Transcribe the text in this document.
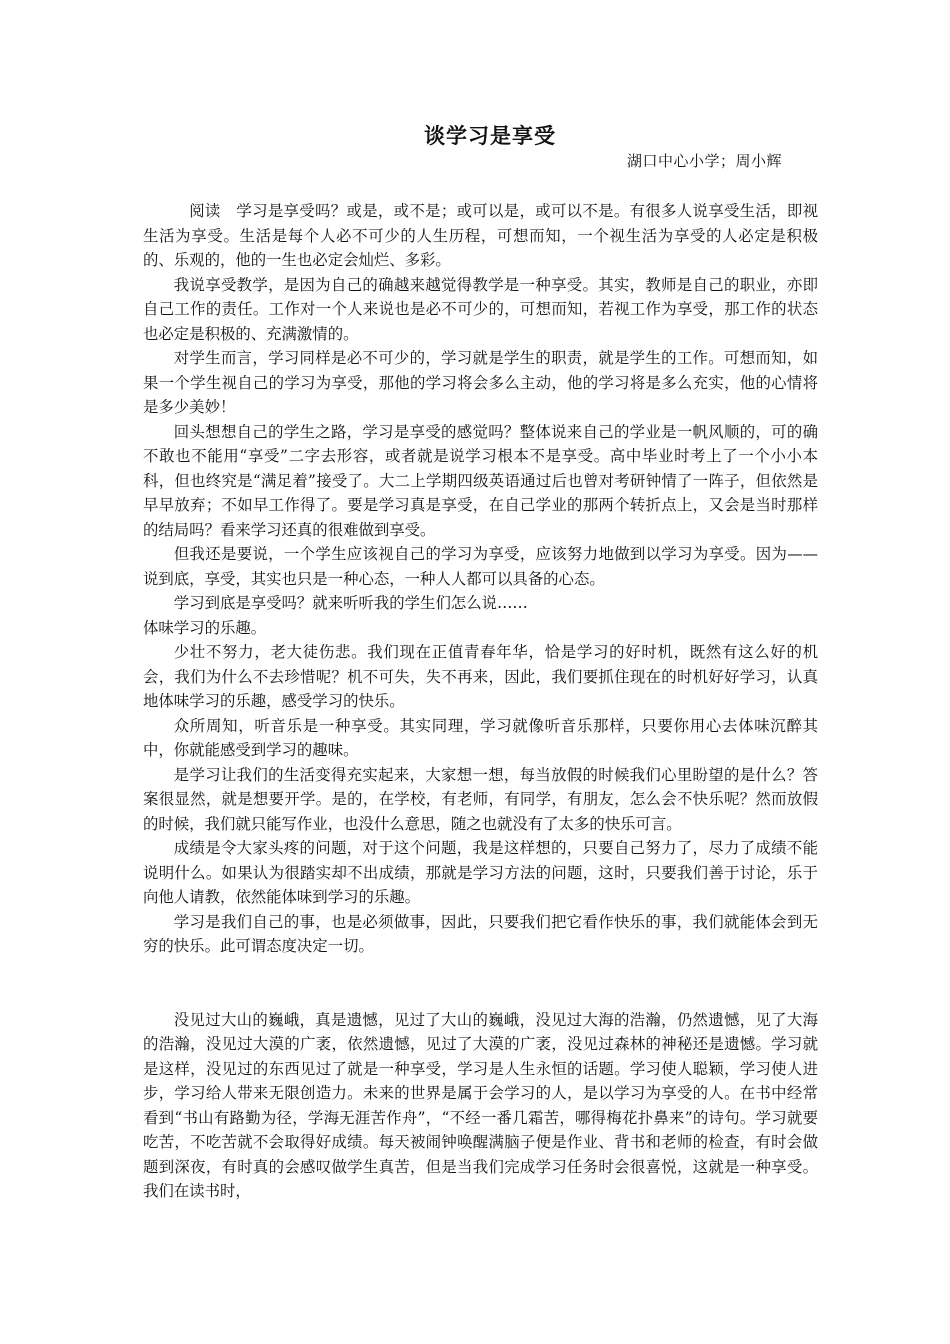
谈学习是享受
湖口中心小学；周小辉

阅读　学习是享受吗？或是，或不是；或可以是，或可以不是。有很多人说享受生活，即视生活为享受。生活是每个人必不可少的人生历程，可想而知，一个视生活为享受的人必定是积极的、乐观的，他的一生也必定会灿烂、多彩。

我说享受教学，是因为自己的确越来越觉得教学是一种享受。其实，教师是自己的职业，亦即自己工作的责任。工作对一个人来说也是必不可少的，可想而知，若视工作为享受，那工作的状态也必定是积极的、充满激情的。

对学生而言，学习同样是必不可少的，学习就是学生的职责，就是学生的工作。可想而知，如果一个学生视自己的学习为享受，那他的学习将会多么主动，他的学习将是多么充实，他的心情将是多少美妙！

回头想想自己的学生之路，学习是享受的感觉吗？整体说来自己的学业是一帆风顺的，可的确不敢也不能用“享受”二字去形容，或者就是说学习根本不是享受。高中毕业时考上了一个小小本科，但也终究是“满足着”接受了。大二上学期四级英语通过后也曾对考研钟情了一阵子，但依然是早早放弃；不如早工作得了。要是学习真是享受，在自己学业的那两个转折点上，又会是当时那样的结局吗？看来学习还真的很难做到享受。

但我还是要说，一个学生应该视自己的学习为享受，应该努力地做到以学习为享受。因为——说到底，享受，其实也只是一种心态，一种人人都可以具备的心态。

学习到底是享受吗？就来听听我的学生们怎么说……

体味学习的乐趣。

少壮不努力，老大徒伤悲。我们现在正值青春年华，恰是学习的好时机，既然有这么好的机会，我们为什么不去珍惜呢？机不可失，失不再来，因此，我们要抓住现在的时机好好学习，认真地体味学习的乐趣，感受学习的快乐。

众所周知，听音乐是一种享受。其实同理，学习就像听音乐那样，只要你用心去体味沉醉其中，你就能感受到学习的趣味。

是学习让我们的生活变得充实起来，大家想一想，每当放假的时候我们心里盼望的是什么？答案很显然，就是想要开学。是的，在学校，有老师，有同学，有朋友，怎么会不快乐呢？然而放假的时候，我们就只能写作业，也没什么意思，随之也就没有了太多的快乐可言。

成绩是令大家头疼的问题，对于这个问题，我是这样想的，只要自己努力了，尽力了成绩不能说明什么。如果认为很踏实却不出成绩，那就是学习方法的问题，这时，只要我们善于讨论，乐于向他人请教，依然能体味到学习的乐趣。

学习是我们自己的事，也是必须做事，因此，只要我们把它看作快乐的事，我们就能体会到无穷的快乐。此可谓态度决定一切。

没见过大山的巍峨，真是遗憾，见过了大山的巍峨，没见过大海的浩瀚，仍然遗憾，见了大海的浩瀚，没见过大漠的广袤，依然遗憾，见过了大漠的广袤，没见过森林的神秘还是遗憾。学习就是这样，没见过的东西见过了就是一种享受，学习是人生永恒的话题。学习使人聪颖，学习使人进步，学习给人带来无限创造力。未来的世界是属于会学习的人，是以学习为享受的人。在书中经常看到“书山有路勤为径，学海无涯苦作舟”，“不经一番几霜苦，哪得梅花扑鼻来”的诗句。学习就要吃苦，不吃苦就不会取得好成绩。每天被闹钟唤醒满脑子便是作业、背书和老师的检查，有时会做题到深夜，有时真的会感叹做学生真苦，但是当我们完成学习任务时会很喜悦，这就是一种享受。我们在读书时，
